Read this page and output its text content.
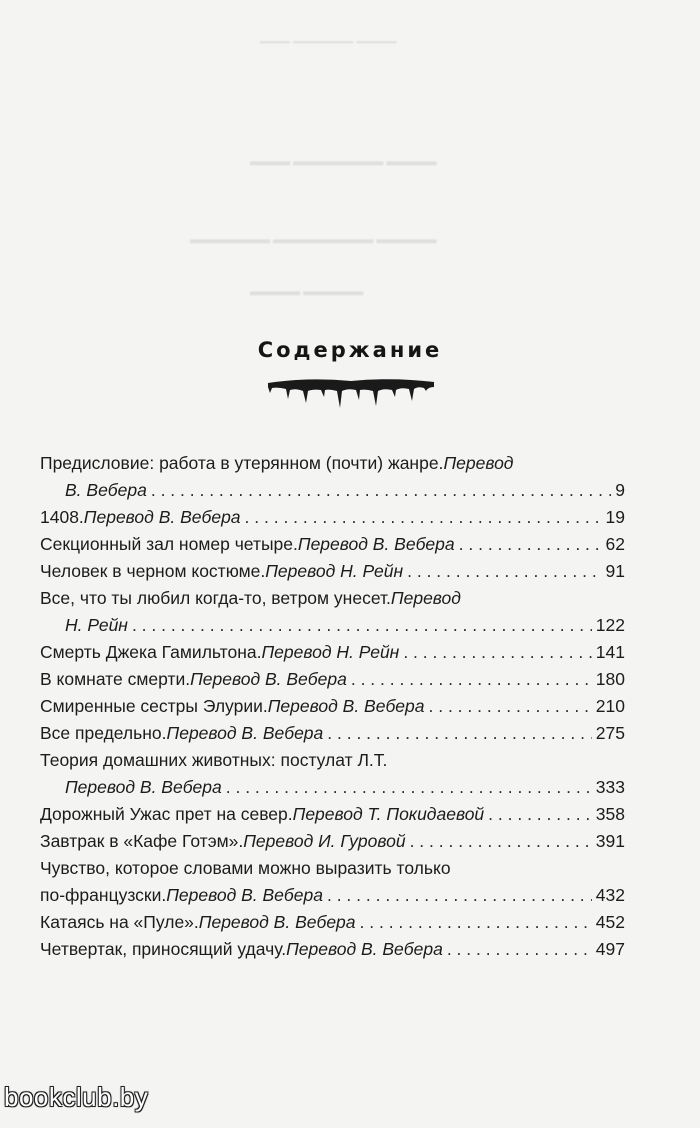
▁▁▁ ▁▁▁▁▁▁ ▁▁▁▁
▂▂▂▂ ▂▂▂▂▂▂▂▂▂ ▂▂▂▂▂
▂▂▂▂▂▂▂▂ ▂▂▂▂▂▂▂▂▂▂ ▂▂▂▂▂▂
▂▂▂▂▂ ▂▂▂▂▂▂
Содержание
Предисловие: работа в утерянном (почти) жанре. Перевод
В. Вебера . . .	9
1408. Перевод В. Вебера . . .	19
Секционный зал номер четыре. Перевод В. Вебера . . .	62
Человек в черном костюме. Перевод Н. Рейн . . .	91
Все, что ты любил когда-то, ветром унесет. Перевод
Н. Рейн . . .	122
Смерть Джека Гамильтона. Перевод Н. Рейн . . .	141
В комнате смерти. Перевод В. Вебера . . .	180
Смиренные сестры Элурии. Перевод В. Вебера . . .	210
Все предельно. Перевод В. Вебера . . .	275
Теория домашних животных: постулат Л.Т.
Перевод В. Вебера . . .	333
Дорожный Ужас прет на север. Перевод Т. Покидаевой . . .	358
Завтрак в «Кафе Готэм». Перевод И. Гуровой . . .	391
Чувство, которое словами можно выразить только
по-французски. Перевод В. Вебера . . .	432
Катаясь на «Пуле». Перевод В. Вебера . . .	452
Четвертак, приносящий удачу. Перевод В. Вебера . . .	497
bookclub.by
